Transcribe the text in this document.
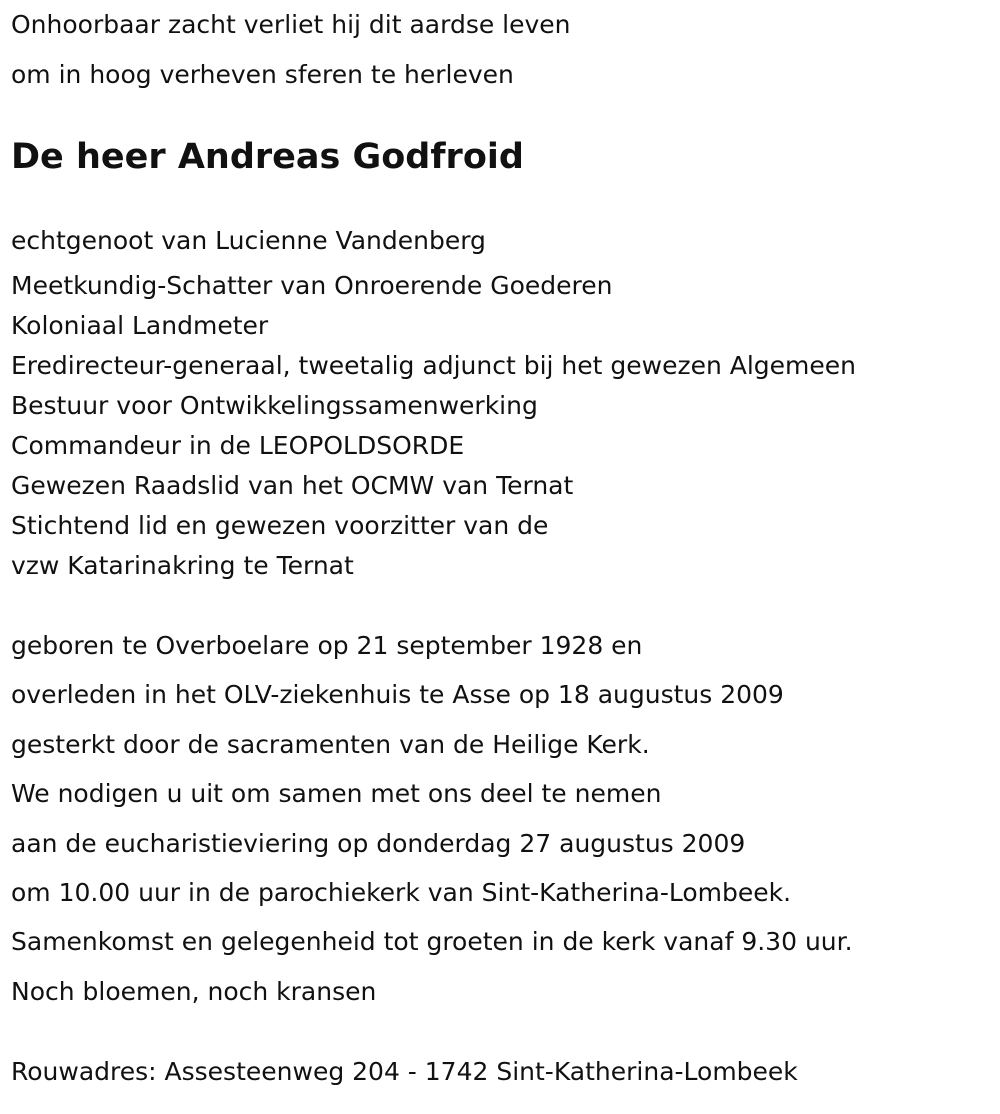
Onhoorbaar zacht verliet hij dit aardse leven

om in hoog verheven sferen te herleven

De heer Andreas Godfroid

echtgenoot van Lucienne Vandenberg

Meetkundig-Schatter van Onroerende Goederen

Koloniaal Landmeter

Eredirecteur-generaal, tweetalig adjunct bij het gewezen Algemeen

Bestuur voor Ontwikkelingssamenwerking

Commandeur in de LEOPOLDSORDE

Gewezen Raadslid van het OCMW van Ternat

Stichtend lid en gewezen voorzitter van de

vzw Katarinakring te Ternat

geboren te Overboelare op 21 september 1928 en

overleden in het OLV-ziekenhuis te Asse op 18 augustus 2009

gesterkt door de sacramenten van de Heilige Kerk.

We nodigen u uit om samen met ons deel te nemen

aan de eucharistieviering op donderdag 27 augustus 2009

om 10.00 uur in de parochiekerk van Sint-Katherina-Lombeek.

Samenkomst en gelegenheid tot groeten in de kerk vanaf 9.30 uur.

Noch bloemen, noch kransen

Rouwadres: Assesteenweg 204 - 1742 Sint-Katherina-Lombeek
